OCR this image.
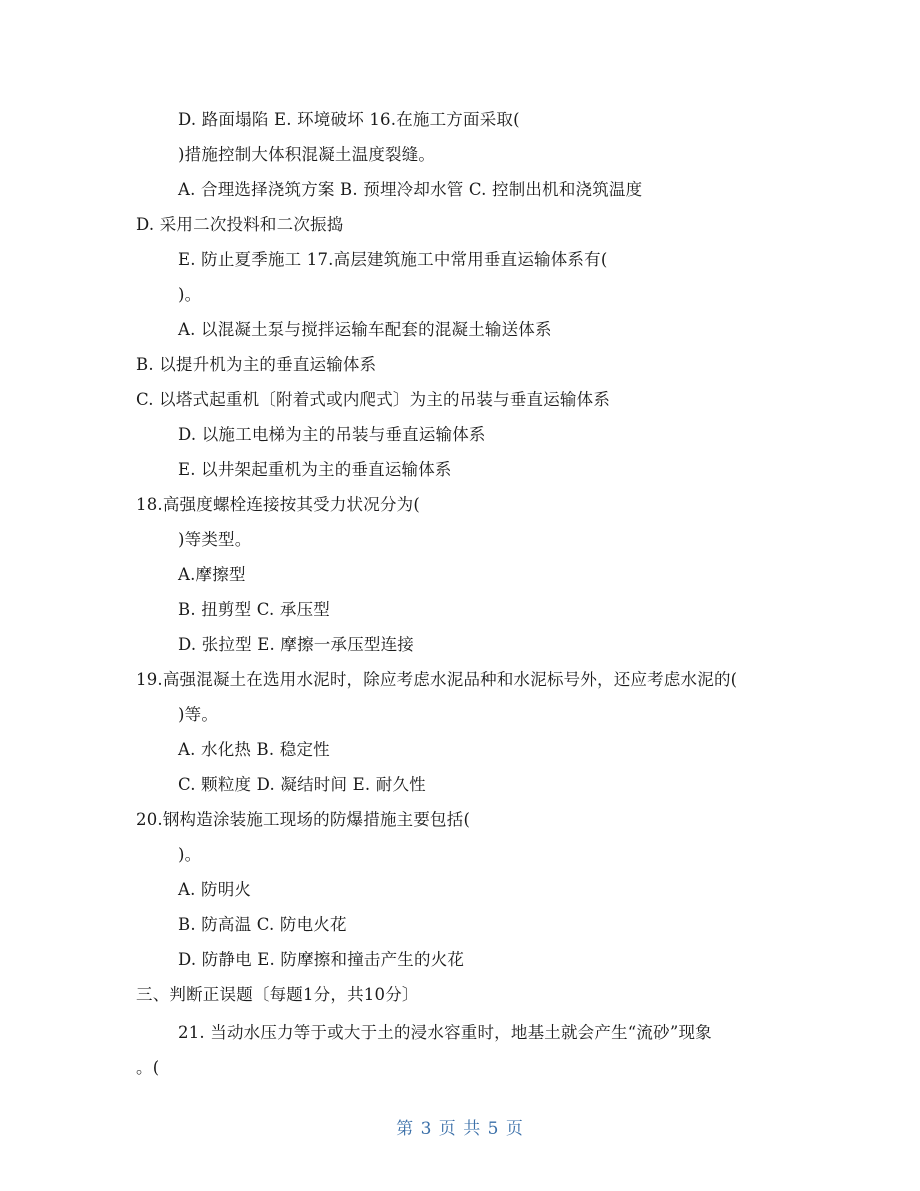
D. 路面塌陷 E. 环境破坏 16.在施工方面采取(
)措施控制大体积混凝土温度裂缝。
A. 合理选择浇筑方案 B. 预埋冷却水管 C. 控制出机和浇筑温度
D. 采用二次投料和二次振捣
E. 防止夏季施工 17.高层建筑施工中常用垂直运输体系有(
)。
A. 以混凝土泵与搅拌运输车配套的混凝土输送体系
B. 以提升机为主的垂直运输体系
C. 以塔式起重机〔附着式或内爬式〕为主的吊装与垂直运输体系
D. 以施工电梯为主的吊装与垂直运输体系
E. 以井架起重机为主的垂直运输体系
18.高强度螺栓连接按其受力状况分为(
)等类型。
A.摩擦型
B. 扭剪型 C. 承压型
D. 张拉型 E. 摩擦一承压型连接
19.高强混凝土在选用水泥时，除应考虑水泥品种和水泥标号外，还应考虑水泥的(
)等。
A. 水化热 B. 稳定性
C. 颗粒度 D. 凝结时间 E. 耐久性
20.钢构造涂装施工现场的防爆措施主要包括(
)。
A. 防明火
B. 防高温 C. 防电火花
D. 防静电 E. 防摩擦和撞击产生的火花
三、判断正误题〔每题1分，共10分〕
21. 当动水压力等于或大于土的浸水容重时，地基土就会产生“流砂”现象
。(
第 3 页 共 5 页
